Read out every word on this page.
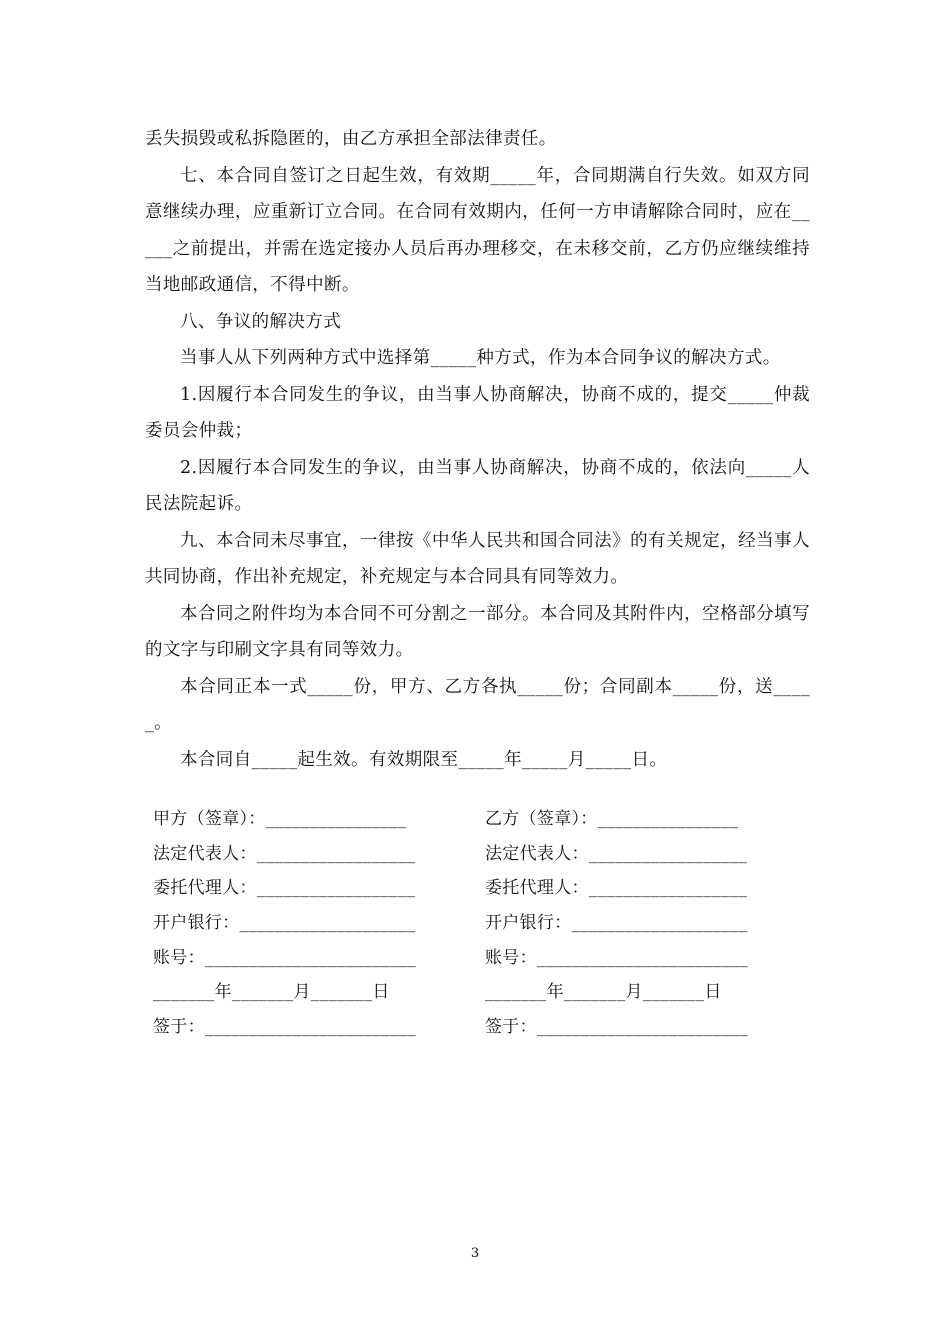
丢失损毁或私拆隐匿的，由乙方承担全部法律责任。

七、本合同自签订之日起生效，有效期_____年，合同期满自行失效。如双方同意继续办理，应重新订立合同。在合同有效期内，任何一方申请解除合同时，应在_____之前提出，并需在选定接办人员后再办理移交，在未移交前，乙方仍应继续维持当地邮政通信，不得中断。

八、争议的解决方式

当事人从下列两种方式中选择第_____种方式，作为本合同争议的解决方式。

1.因履行本合同发生的争议，由当事人协商解决，协商不成的，提交_____仲裁委员会仲裁；

2.因履行本合同发生的争议，由当事人协商解决，协商不成的，依法向_____人民法院起诉。

九、本合同未尽事宜，一律按《中华人民共和国合同法》的有关规定，经当事人共同协商，作出补充规定，补充规定与本合同具有同等效力。

本合同之附件均为本合同不可分割之一部分。本合同及其附件内，空格部分填写的文字与印刷文字具有同等效力。

本合同正本一式_____份，甲方、乙方各执_____份；合同副本_____份，送_____。

本合同自_____起生效。有效期限至_____年_____月_____日。

甲方（签章）：________________
法定代表人：__________________
委托代理人：__________________
开户银行：____________________
账号：________________________
_______年_______月_______日
签于：________________________
乙方（签章）：________________
法定代表人：__________________
委托代理人：__________________
开户银行：____________________
账号：________________________
_______年_______月_______日
签于：________________________
3
